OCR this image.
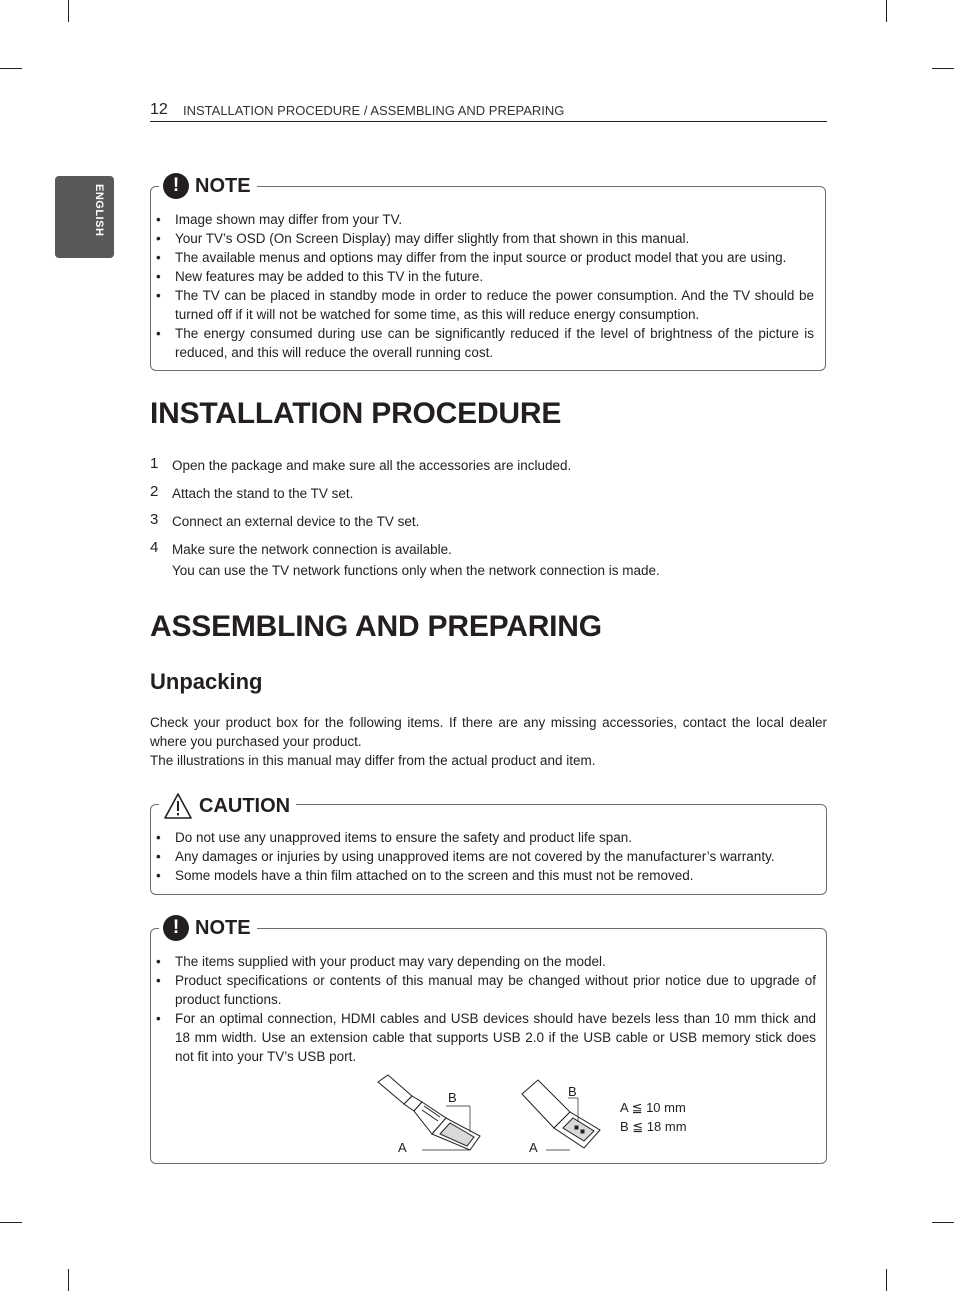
12 INSTALLATION PROCEDURE / ASSEMBLING AND PREPARING
ENGLISH	! NOTE
• Image shown may differ from your TV.
• Your TV’s OSD (On Screen Display) may differ slightly from that shown in this manual.
• The available menus and options may differ from the input source or product model that you are using.
• New features may be added to this TV in the future.
• The TV can be placed in standby mode in order to reduce the power consumption. And the TV should be turned off if it will not be watched for some time, as this will reduce energy consumption.
• The energy consumed during use can be significantly reduced if the level of brightness of the picture is reduced, and this will reduce the overall running cost.
INSTALLATION PROCEDURE
1 Open the package and make sure all the accessories are included.
2 Attach the stand to the TV set.
3 Connect an external device to the TV set.
4 Make sure the network connection is available.
You can use the TV network functions only when the network connection is made.
ASSEMBLING AND PREPARING
Unpacking

Check your product box for the following items. If there are any missing accessories, contact the local dealer where you purchased your product.

The illustrations in this manual may differ from the actual product and item.

CAUTION
• Do not use any unapproved items to ensure the safety and product life span.
• Any damages or injuries by using unapproved items are not covered by the manufacturer’s warranty.
• Some models have a thin film attached on to the screen and this must not be removed.
! NOTE
• The items supplied with your product may vary depending on the model.
• Product specifications or contents of this manual may be changed without prior notice due to upgrade of product functions.
• For an optimal connection, HDMI cables and USB devices should have bezels less than 10 mm thick and 18 mm width. Use an extension cable that supports USB 2.0 if the USB cable or USB memory stick does not fit into your TV’s USB port.
B
A
B
A
A ≦ 10 mm
B ≦ 18 mm
